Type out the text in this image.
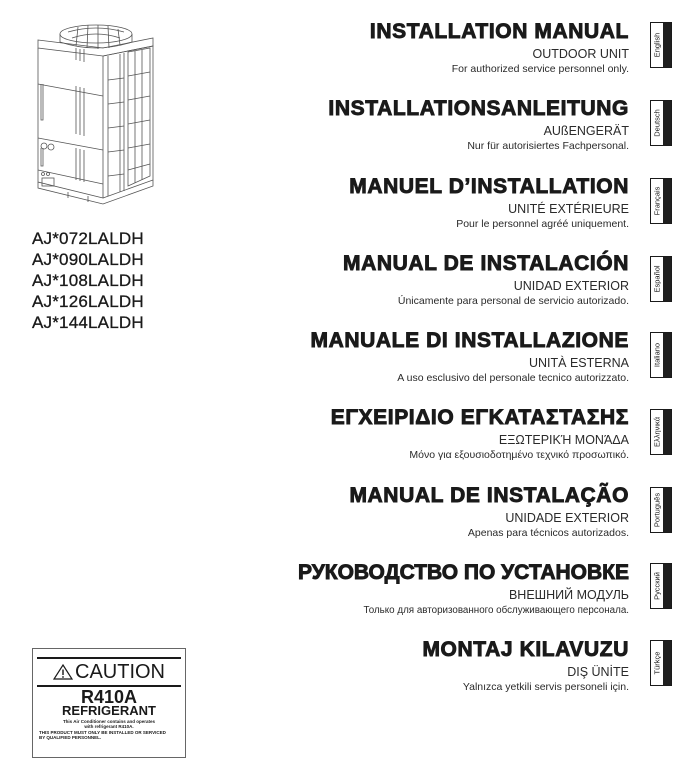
AJ*072LALDH
AJ*090LALDH
AJ*108LALDH
AJ*126LALDH
AJ*144LALDH
INSTALLATION MANUAL
OUTDOOR UNIT
For authorized service personnel only.
INSTALLATIONSANLEITUNG
AUßENGERÄT
Nur für autorisiertes Fachpersonal.
MANUEL D’INSTALLATION
UNITÉ EXTÉRIEURE
Pour le personnel agréé uniquement.
MANUAL DE INSTALACIÓN
UNIDAD EXTERIOR
Únicamente para personal de servicio autorizado.
MANUALE DI INSTALLAZIONE
UNITÀ ESTERNA
A uso esclusivo del personale tecnico autorizzato.
ΕΓΧΕΙΡΙΔΙΟ ΕΓΚΑΤΑΣΤΑΣΗΣ
ΕΞΩΤΕΡΙΚΉ ΜΟΝΆΔΑ
Μόνο για εξουσιοδοτημένο τεχνικό προσωπικό.
MANUAL DE INSTALAÇÃO
UNIDADE EXTERIOR
Apenas para técnicos autorizados.
РУКОВОДСТВО ПО УСТАНОВКЕ
ВНЕШНИЙ МОДУЛЬ
Только для авторизованного обслуживающего персонала.
MONTAJ KILAVUZU
DIŞ ÜNİTE
Yalnızca yetkili servis personeli için.
English
Deutsch
Français
Español
Italiano
Ελληνικά
Português
Русский
Türkçe
CAUTION
R410A
REFRIGERANT
This Air Conditioner contains and operates
with refrigerant R410A.
THIS PRODUCT MUST ONLY BE INSTALLED OR SERVICED
BY QUALIFIED PERSONNEL.
